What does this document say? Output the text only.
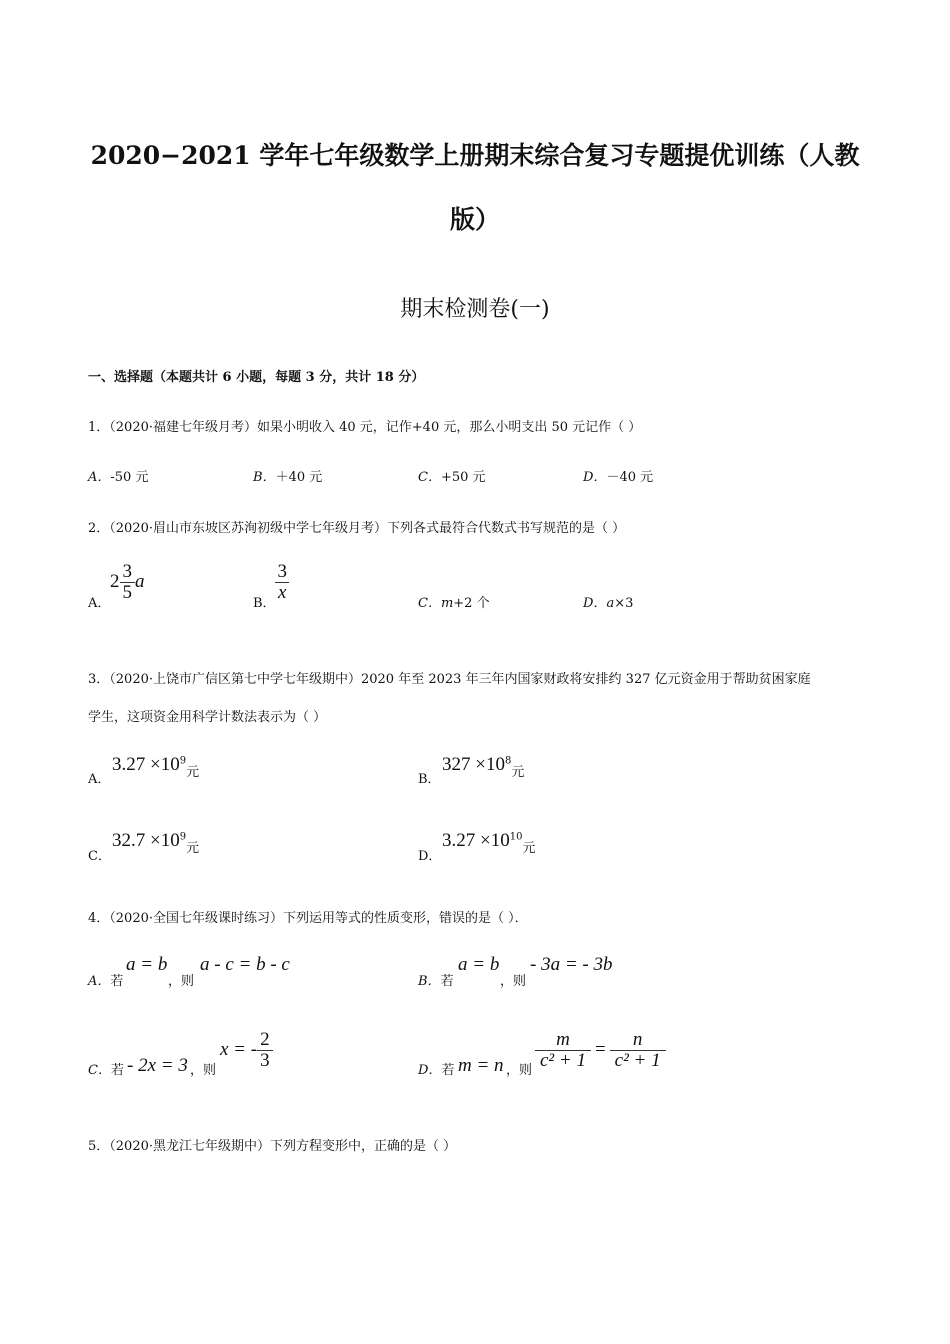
2020−2021 学年七年级数学上册期末综合复习专题提优训练（人教
版）
期末检测卷(一)
一、选择题（本题共计 6 小题，每题 3 分，共计 18 分）
1．（2020·福建七年级月考）如果小明收入 40 元，记作+40 元，那么小明支出 50 元记作（ ）
A．-50 元	B．＋40 元	C．+50 元	D．－40 元
2．（2020·眉山市东坡区苏洵初级中学七年级月考）下列各式最符合代数式书写规范的是（ ）
A．
$2 \frac{3}{5}$ a
B．
$\frac{3}{x}$
C．m+2 个	D．a×3
3．（2020·上饶市广信区第七中学七年级期中）2020 年至 2023 年三年内国家财政将安排约 327 亿元资金用于帮助贫困家庭
学生，这项资金用科学计数法表示为（ ）
A．
$3.27 \times 10^9_元$	B．
$327 \times 10^8_元$
C．
$32.7 \times 10^9_元$
D．
$3.27 \times 10^{10}_元$
4．（2020·全国七年级课时练习）下列运用等式的性质变形，错误的是（ ）．
A．若
a = b
，则
a - c = b - c
B．若
a = b
，则
- 3a = - 3b
C．若 - 2x = 3 ，则
x = - $\frac{2}{3}$	D．若 m = n ，则 $\frac{m}{\text{c² + 1}} = \frac{n}{\text{c² + 1}}$
5．（2020·黑龙江七年级期中）下列方程变形中，正确的是（ ）
